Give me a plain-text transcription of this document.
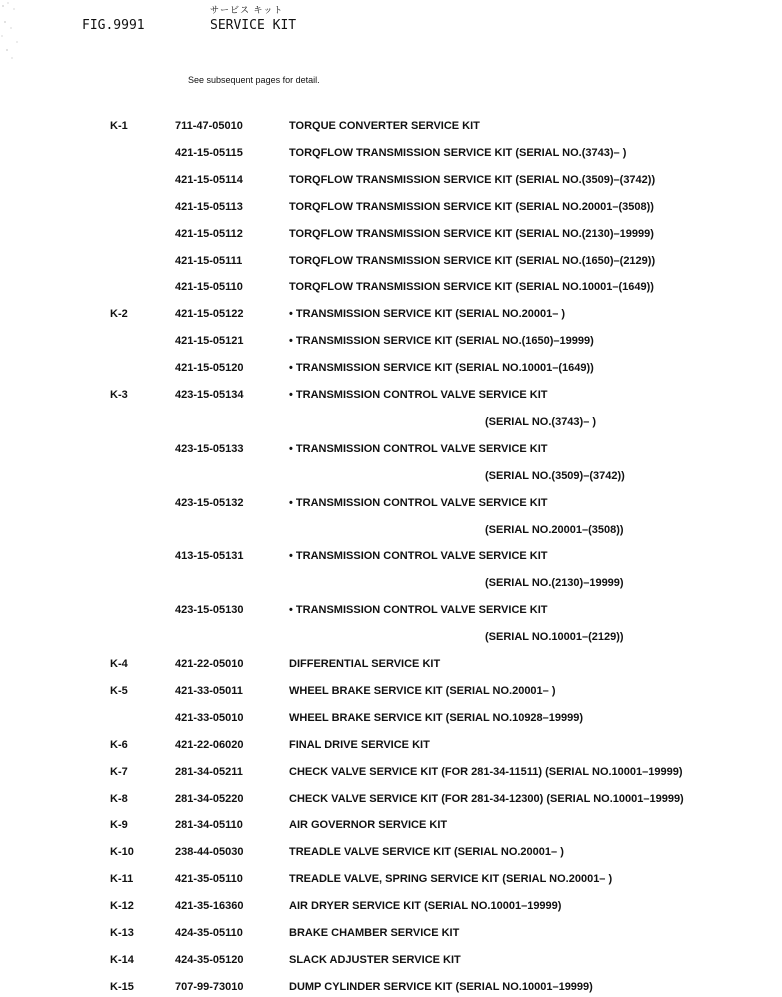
サービス キット
FIG.9991	SERVICE KIT
See subsequent pages for detail.
K-1	711-47-05010	TORQUE CONVERTER SERVICE KIT
421-15-05115	TORQFLOW TRANSMISSION SERVICE KIT (SERIAL NO.(3743)– )
421-15-05114	TORQFLOW TRANSMISSION SERVICE KIT (SERIAL NO.(3509)–(3742))
421-15-05113	TORQFLOW TRANSMISSION SERVICE KIT (SERIAL NO.20001–(3508))
421-15-05112	TORQFLOW TRANSMISSION SERVICE KIT (SERIAL NO.(2130)–19999)
421-15-05111	TORQFLOW TRANSMISSION SERVICE KIT (SERIAL NO.(1650)–(2129))
421-15-05110	TORQFLOW TRANSMISSION SERVICE KIT (SERIAL NO.10001–(1649))
K-2	421-15-05122	• TRANSMISSION SERVICE KIT (SERIAL NO.20001– )
421-15-05121	• TRANSMISSION SERVICE KIT (SERIAL NO.(1650)–19999)
421-15-05120	• TRANSMISSION SERVICE KIT (SERIAL NO.10001–(1649))
K-3	423-15-05134	• TRANSMISSION CONTROL VALVE SERVICE KIT
(SERIAL NO.(3743)– )
423-15-05133	• TRANSMISSION CONTROL VALVE SERVICE KIT
(SERIAL NO.(3509)–(3742))
423-15-05132	• TRANSMISSION CONTROL VALVE SERVICE KIT
(SERIAL NO.20001–(3508))
413-15-05131	• TRANSMISSION CONTROL VALVE SERVICE KIT
(SERIAL NO.(2130)–19999)
423-15-05130	• TRANSMISSION CONTROL VALVE SERVICE KIT
(SERIAL NO.10001–(2129))
K-4	421-22-05010	DIFFERENTIAL SERVICE KIT
K-5	421-33-05011	WHEEL BRAKE SERVICE KIT (SERIAL NO.20001– )
421-33-05010	WHEEL BRAKE SERVICE KIT (SERIAL NO.10928–19999)
K-6	421-22-06020	FINAL DRIVE SERVICE KIT
K-7	281-34-05211	CHECK VALVE SERVICE KIT (FOR 281-34-11511) (SERIAL NO.10001–19999)
K-8	281-34-05220	CHECK VALVE SERVICE KIT (FOR 281-34-12300) (SERIAL NO.10001–19999)
K-9	281-34-05110	AIR GOVERNOR SERVICE KIT
K-10	238-44-05030	TREADLE VALVE SERVICE KIT (SERIAL NO.20001– )
K-11	421-35-05110	TREADLE VALVE, SPRING SERVICE KIT (SERIAL NO.20001– )
K-12	421-35-16360	AIR DRYER SERVICE KIT (SERIAL NO.10001–19999)
K-13	424-35-05110	BRAKE CHAMBER SERVICE KIT
K-14	424-35-05120	SLACK ADJUSTER SERVICE KIT
K-15	707-99-73010	DUMP CYLINDER SERVICE KIT (SERIAL NO.10001–19999)
